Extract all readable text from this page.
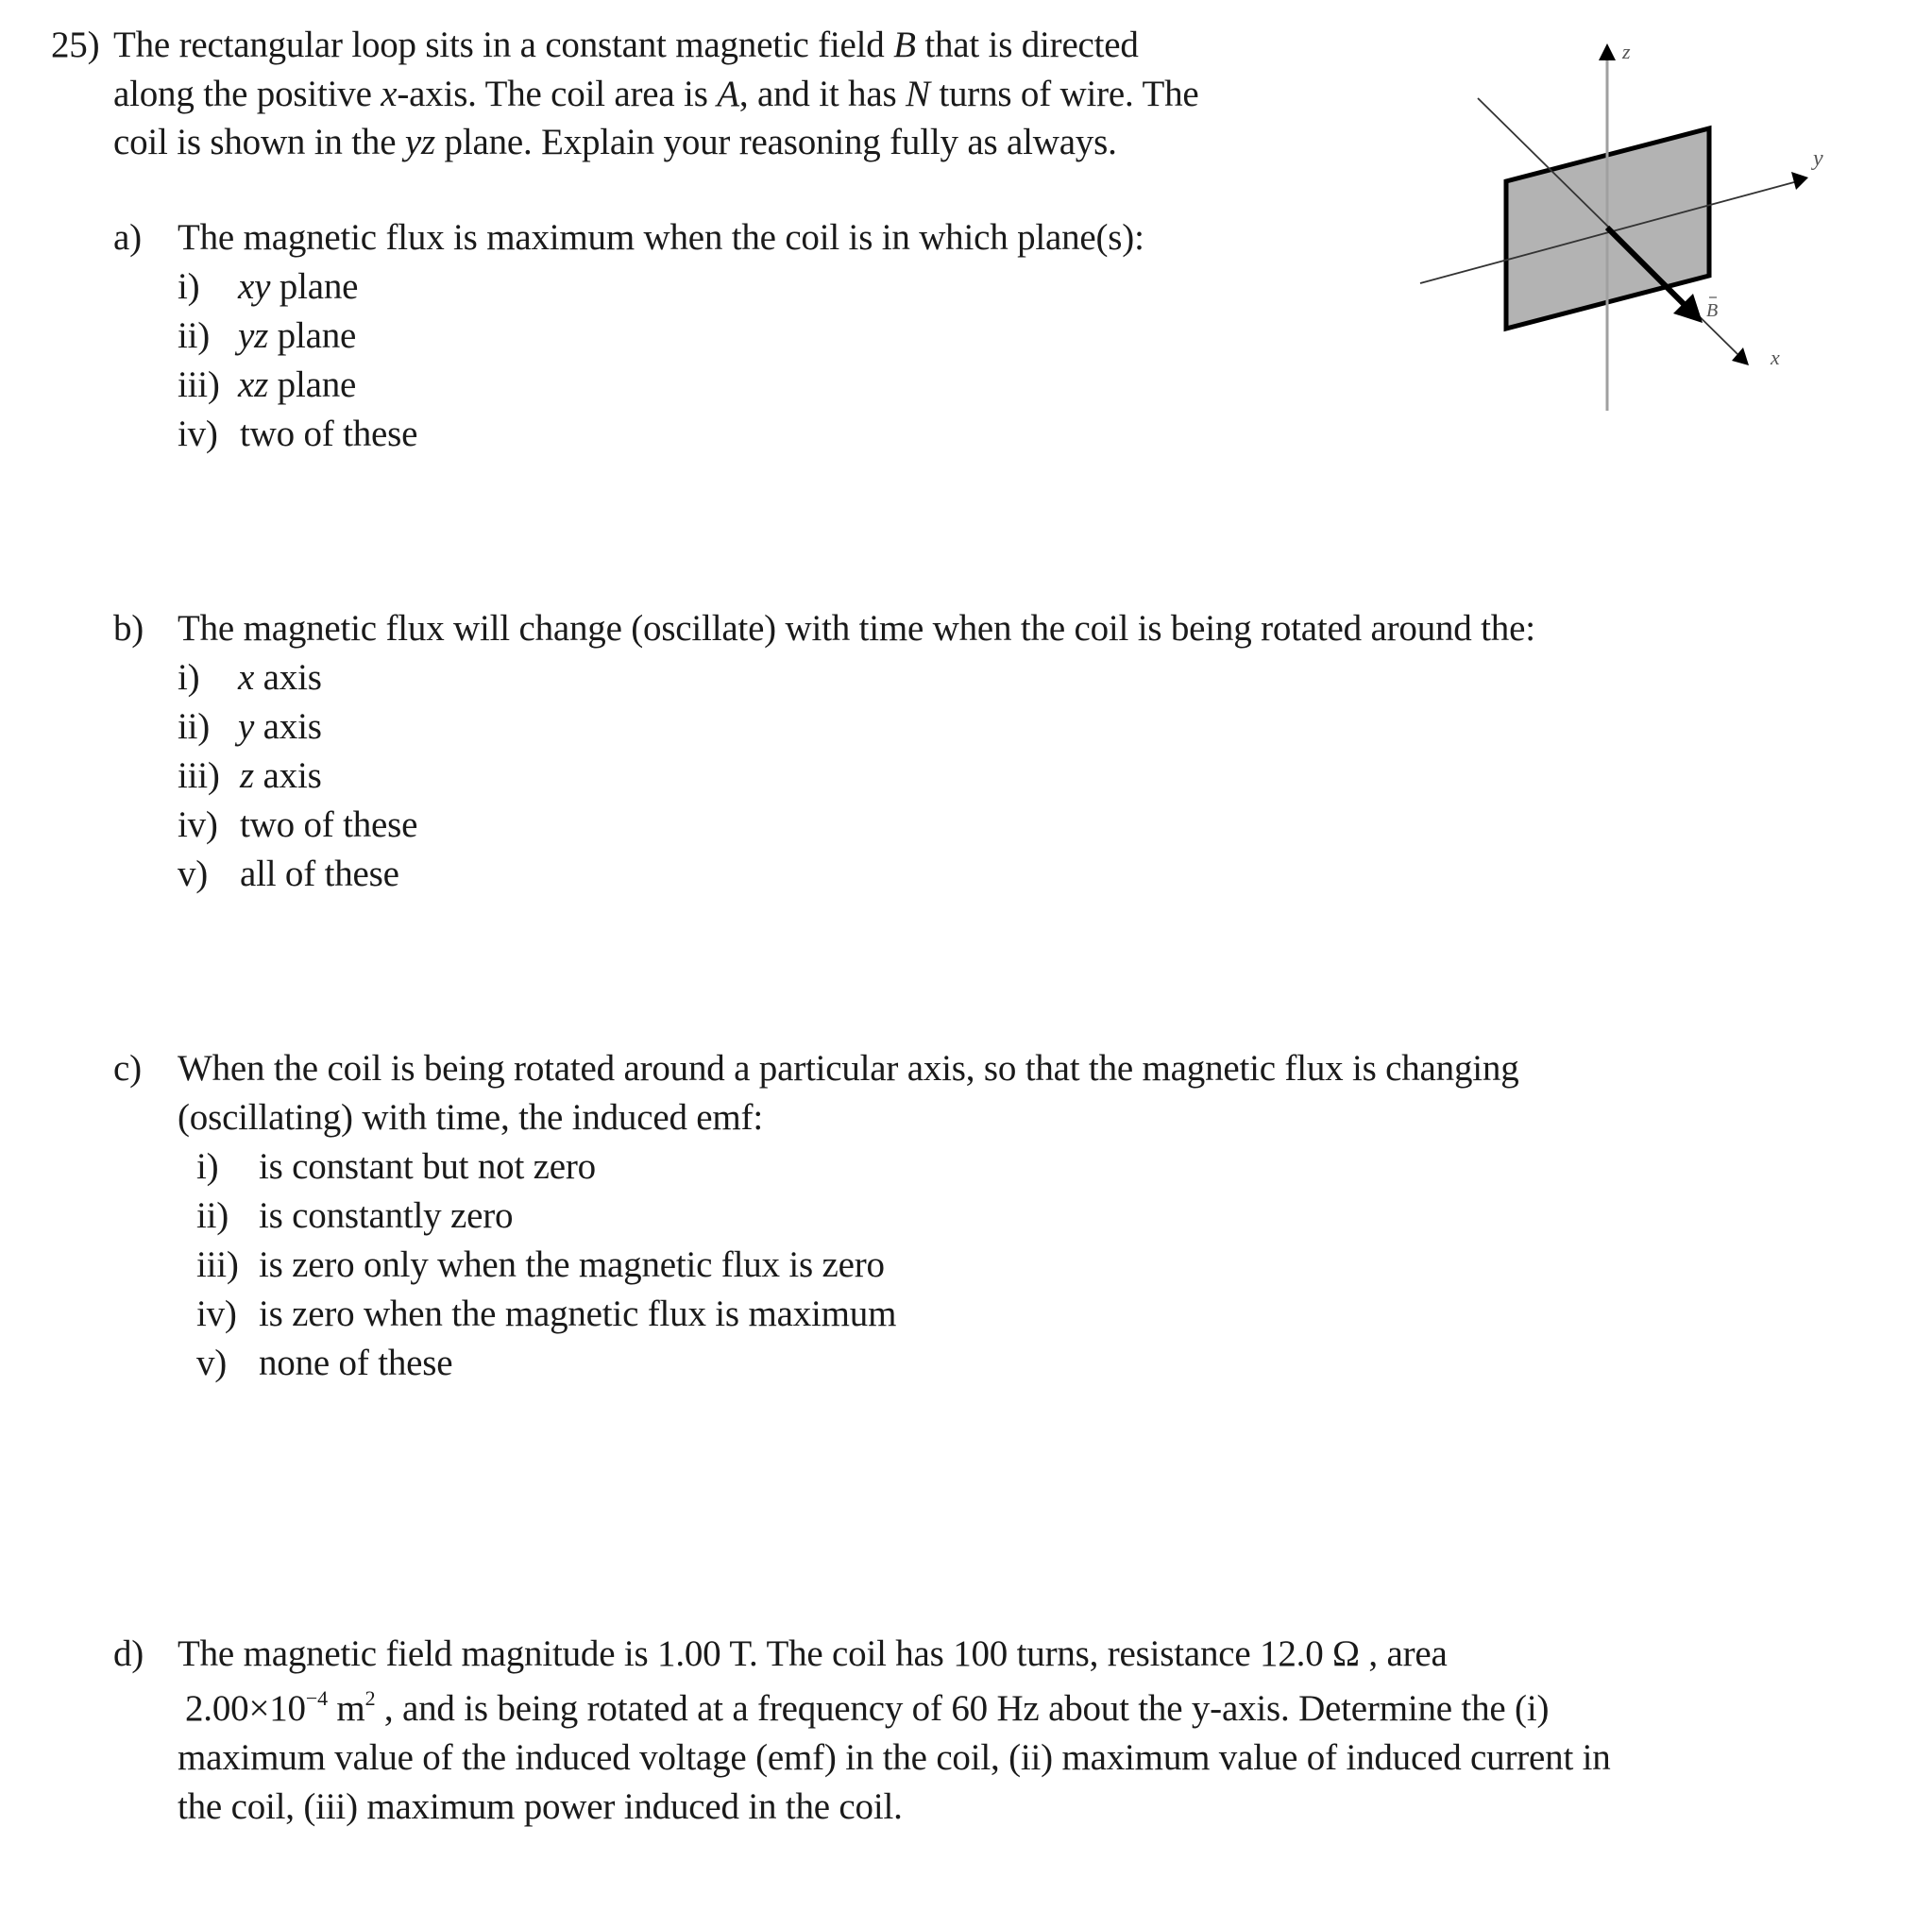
25) The rectangular loop sits in a constant magnetic field B that is directed
along the positive x-axis. The coil area is A, and it has N turns of wire. The
coil is shown in the yz plane. Explain your reasoning fully as always.
z
y
x
B
a) The magnetic flux is maximum when the coil is in which plane(s):
i) xy plane
ii) yz plane
iii) xz plane
iv) two of these
b) The magnetic flux will change (oscillate) with time when the coil is being rotated around the:
i) x axis
ii) y axis
iii) z axis
iv) two of these
v) all of these
c) When the coil is being rotated around a particular axis, so that the magnetic flux is changing
(oscillating) with time, the induced emf:
i) is constant but not zero
ii) is constantly zero
iii) is zero only when the magnetic flux is zero
iv) is zero when the magnetic flux is maximum
v) none of these
d) The magnetic field magnitude is 1.00 T. The coil has 100 turns, resistance 12.0 Ω , area
$2.00\times 10^{-4}$ $m^2$ , and is being rotated at a frequency of 60 Hz about the y-axis. Determine the (i)
maximum value of the induced voltage (emf) in the coil, (ii) maximum value of induced current in
the coil, (iii) maximum power induced in the coil.
